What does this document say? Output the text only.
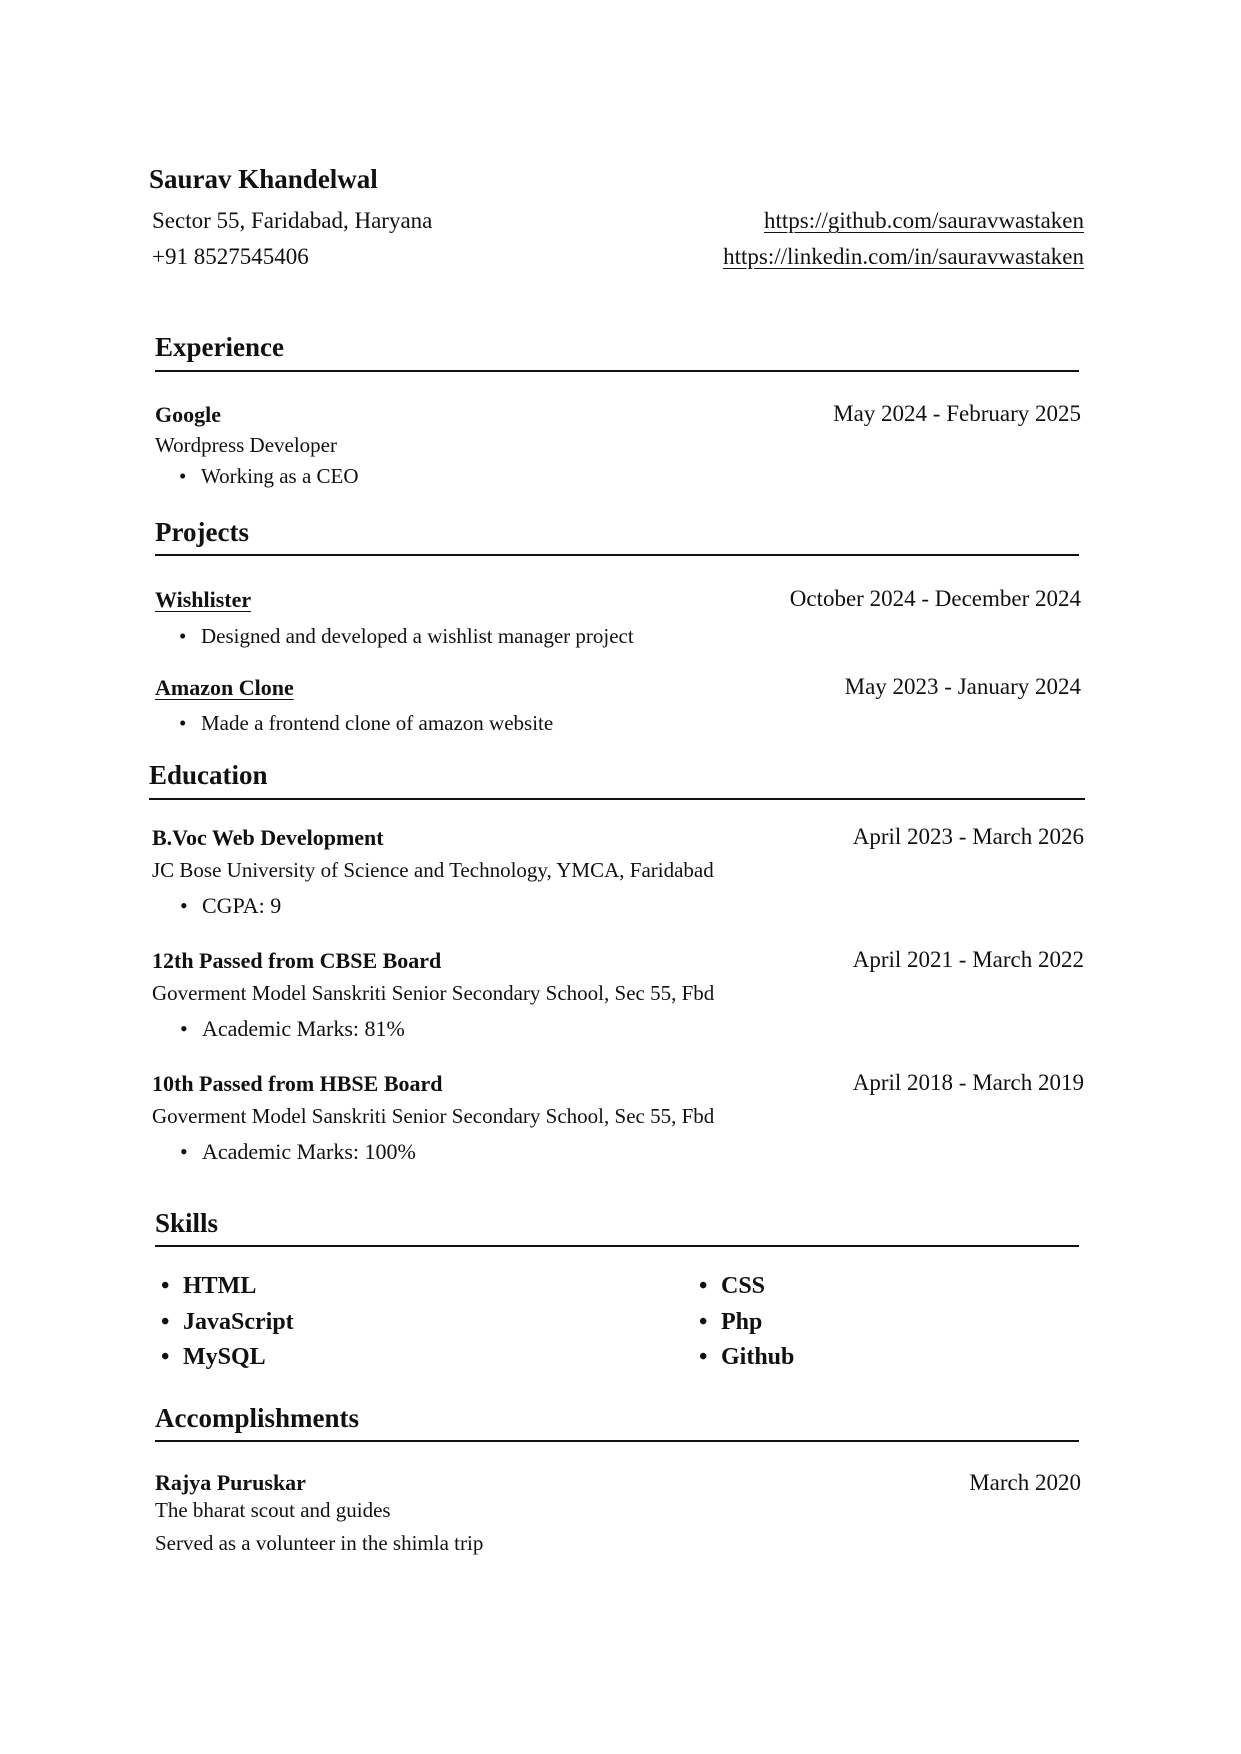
Saurav Khandelwal
Sector 55, Faridabad, Haryana
+91 8527545406
https://github.com/sauravwastaken
https://linkedin.com/in/sauravwastaken
Experience
Google	May 2024 - February 2025
Wordpress Developer
• Working as a CEO
Projects
Wishlister	October 2024 - December 2024
• Designed and developed a wishlist manager project
Amazon Clone	May 2023 - January 2024
• Made a frontend clone of amazon website
Education
B.Voc Web Development	April 2023 - March 2026
JC Bose University of Science and Technology, YMCA, Faridabad
• CGPA: 9
12th Passed from CBSE Board	April 2021 - March 2022
Goverment Model Sanskriti Senior Secondary School, Sec 55, Fbd
• Academic Marks: 81%
10th Passed from HBSE Board	April 2018 - March 2019
Goverment Model Sanskriti Senior Secondary School, Sec 55, Fbd
• Academic Marks: 100%
Skills
• HTML	• CSS
• JavaScript	• Php
• MySQL	• Github
Accomplishments
Rajya Puruskar	March 2020
The bharat scout and guides
Served as a volunteer in the shimla trip
